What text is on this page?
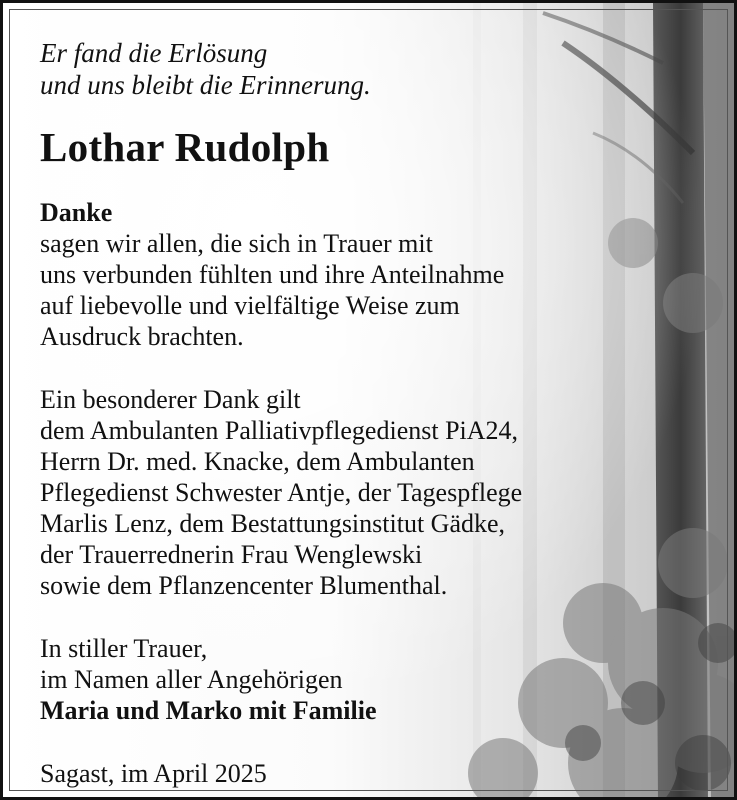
Er fand die Erlösung

und uns bleibt die Erinnerung.

Lothar Rudolph

Danke

sagen wir allen, die sich in Trauer mit

uns verbunden fühlten und ihre Anteilnahme

auf liebevolle und vielfältige Weise zum

Ausdruck brachten.

Ein besonderer Dank gilt

dem Ambulanten Palliativpflegedienst PiA24,

Herrn Dr. med. Knacke, dem Ambulanten

Pflegedienst Schwester Antje, der Tagespflege

Marlis Lenz, dem Bestattungsinstitut Gädke,

der Trauerrednerin Frau Wenglewski

sowie dem Pflanzencenter Blumenthal.

In stiller Trauer,

im Namen aller Angehörigen

Maria und Marko mit Familie

Sagast, im April 2025
